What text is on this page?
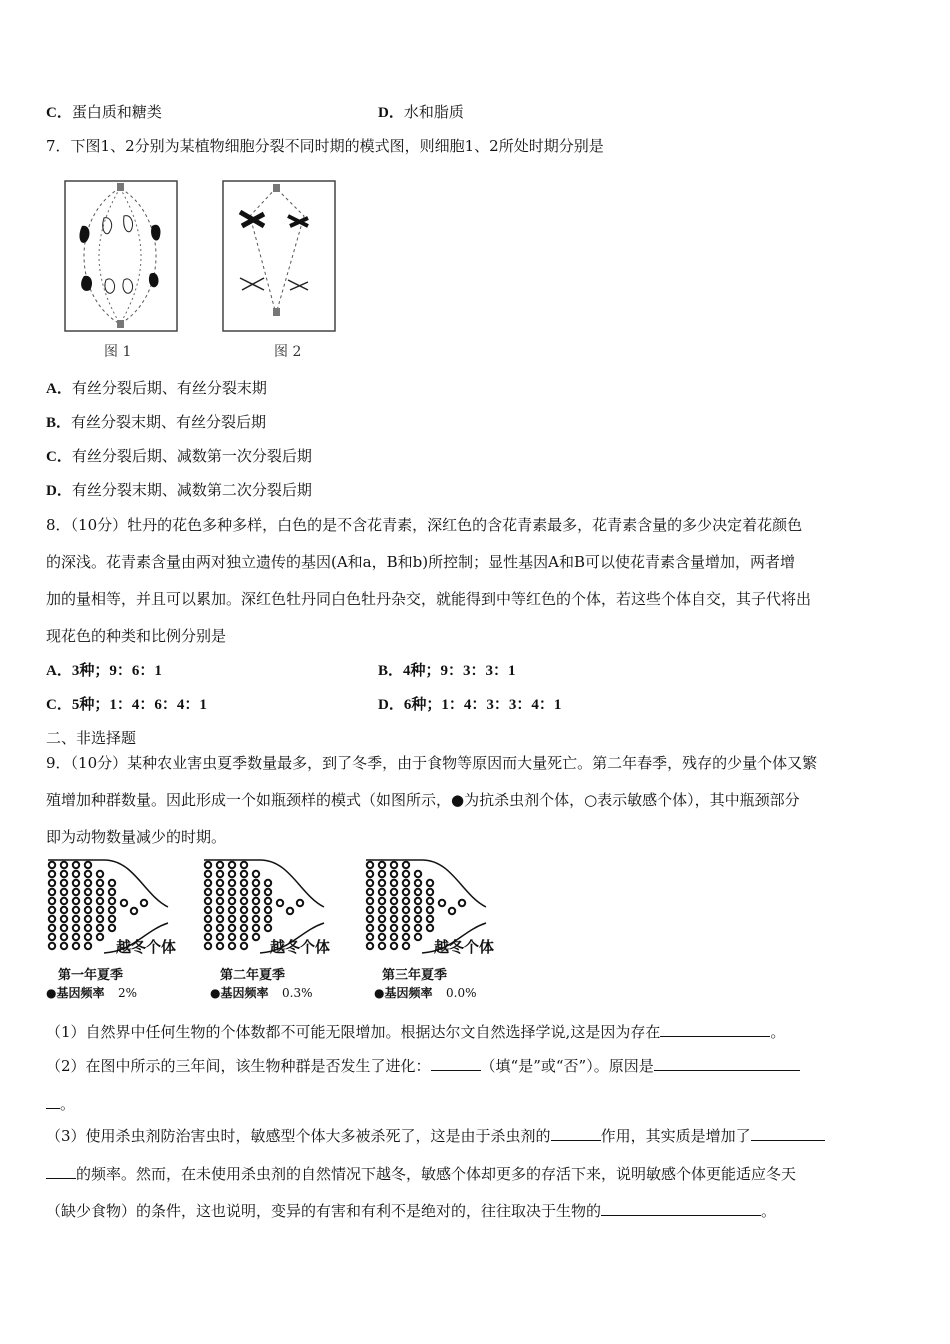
C．蛋白质和糖类	D．水和脂质
7．下图1、2分别为某植物细胞分裂不同时期的模式图，则细胞1、2所处时期分别是
图 1	图 2
A．有丝分裂后期、有丝分裂末期
B．有丝分裂末期、有丝分裂后期
C．有丝分裂后期、减数第一次分裂后期
D．有丝分裂末期、减数第二次分裂后期
8．（10分）牡丹的花色多种多样，白色的是不含花青素，深红色的含花青素最多，花青素含量的多少决定着花颜色
的深浅。花青素含量由两对独立遗传的基因(A和a，B和b)所控制；显性基因A和B可以使花青素含量增加，两者增
加的量相等，并且可以累加。深红色牡丹同白色牡丹杂交，就能得到中等红色的个体，若这些个体自交，其子代将出
现花色的种类和比例分别是
A．3种；9：6：1	B．4种；9：3：3：1
C．5种；1：4：6：4：1	D．6种；1：4：3：3：4：1
二、非选择题
9．（10分）某种农业害虫夏季数量最多，到了冬季，由于食物等原因而大量死亡。第二年春季，残存的少量个体又繁
殖增加种群数量。因此形成一个如瓶颈样的模式（如图所示，●为抗杀虫剂个体，○表示敏感个体），其中瓶颈部分
即为动物数量减少的时期。
越冬个体
第一年夏季
●基因频率 2%
越冬个体
第二年夏季
●基因频率 0.3%
越冬个体
第三年夏季
●基因频率 0.0%
（1）自然界中任何生物的个体数都不可能无限增加。根据达尔文自然选择学说,这是因为存在	。
（2）在图中所示的三年间，该生物种群是否发生了进化：	（填“是”或“否”）。原因是
。
（3）使用杀虫剂防治害虫时，敏感型个体大多被杀死了，这是由于杀虫剂的	作用，其实质是增加了
的频率。然而，在未使用杀虫剂的自然情况下越冬，敏感个体却更多的存活下来，说明敏感个体更能适应冬天
（缺少食物）的条件，这也说明，变异的有害和有利不是绝对的，往往取决于生物的	。
